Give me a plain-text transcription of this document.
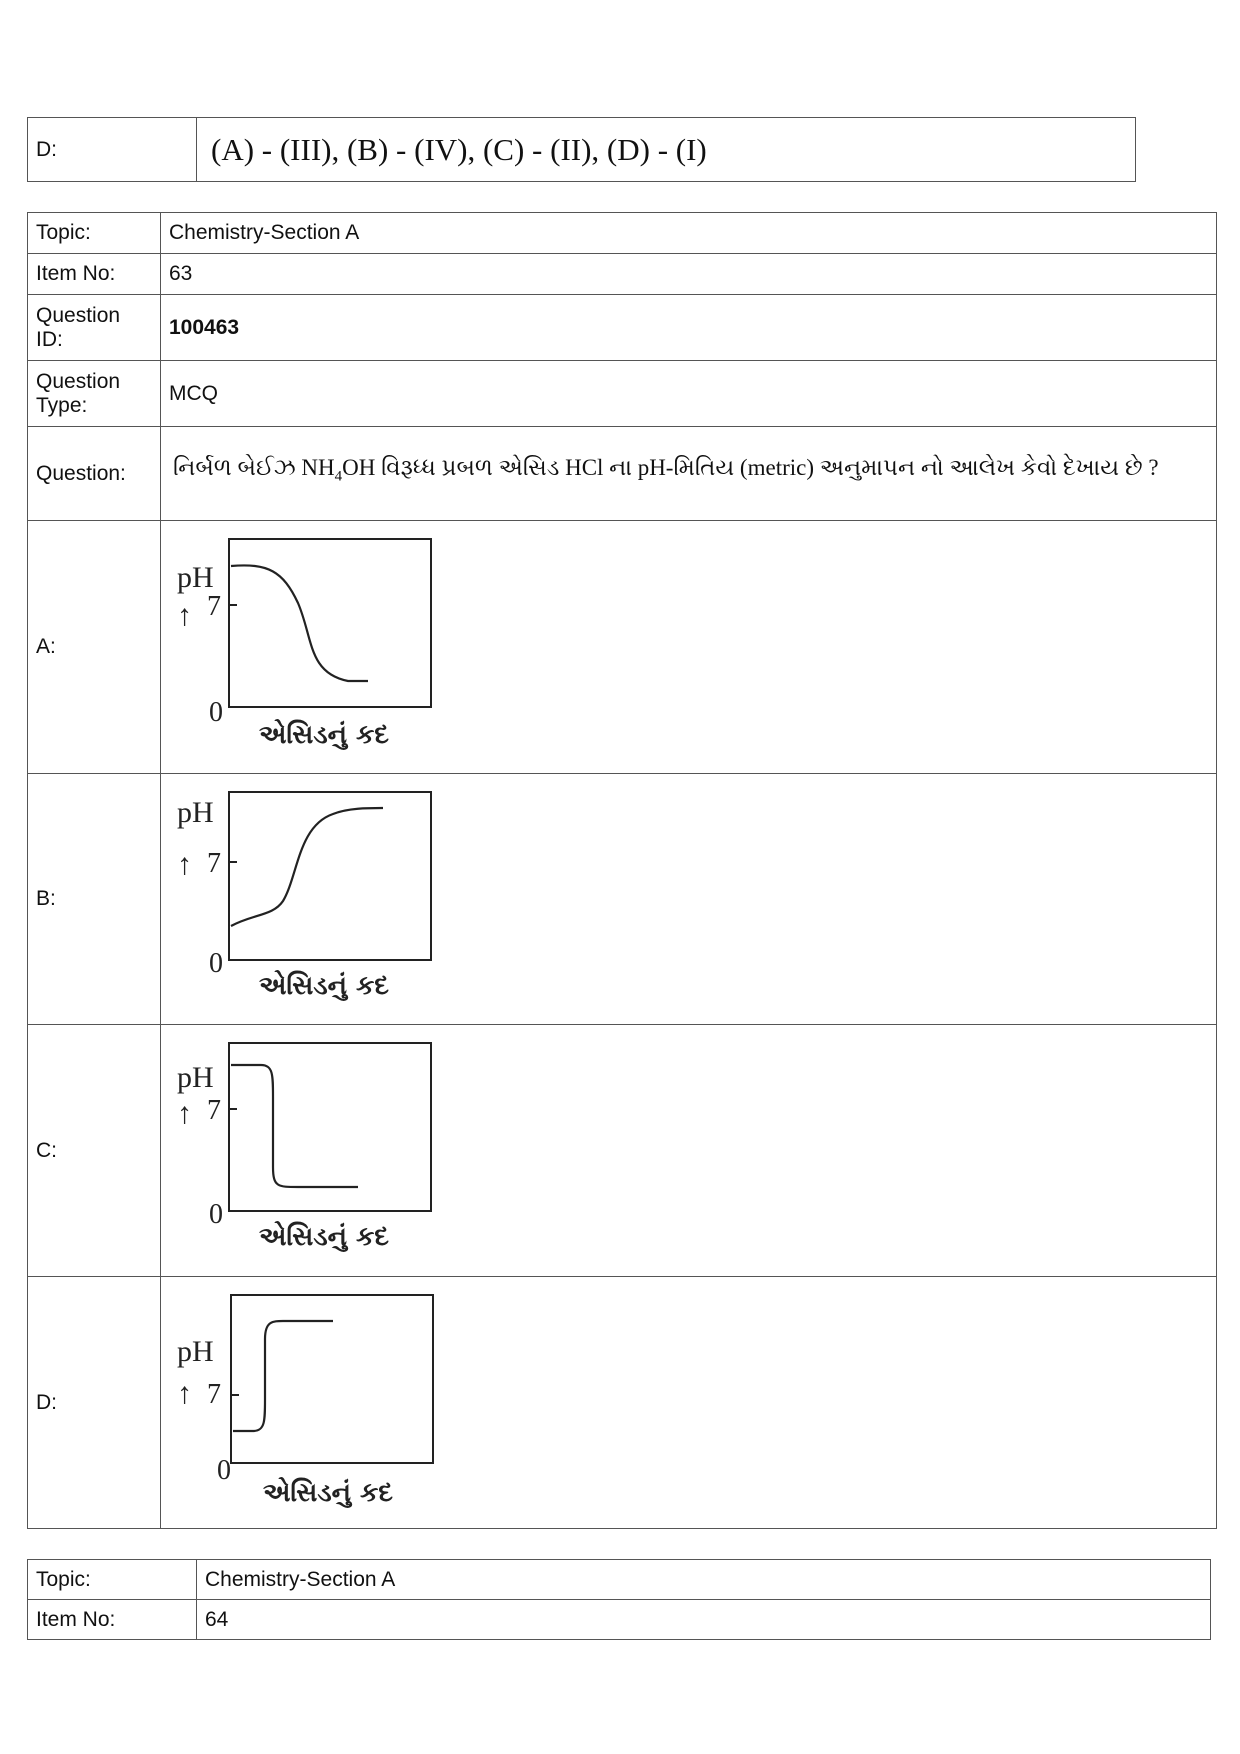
D:	(A) - (III), (B) - (IV), (C) - (II), (D) - (I)
Topic:	Chemistry-Section A
Item No:	63
Question ID:	100463
Question Type:	MCQ
Question:	નિર્બળ બેઈઝ $NH_4OH$ વિરૂધ્ધ પ્રબળ એસિડ HCl ના pH-મિતિય (metric) અનુમાપન નો આલેખ કેવો દેખાય છે ?
A:	pH
↑ 7
0
એસિડનું કદ

B:	pH
↑ 7
0
એસિડનું કદ

C:	pH
↑ 7
0
એસિડનું કદ

D:	pH
↑ 7
0
એસિડનું કદ
Topic:	Chemistry-Section A
Item No:	64
